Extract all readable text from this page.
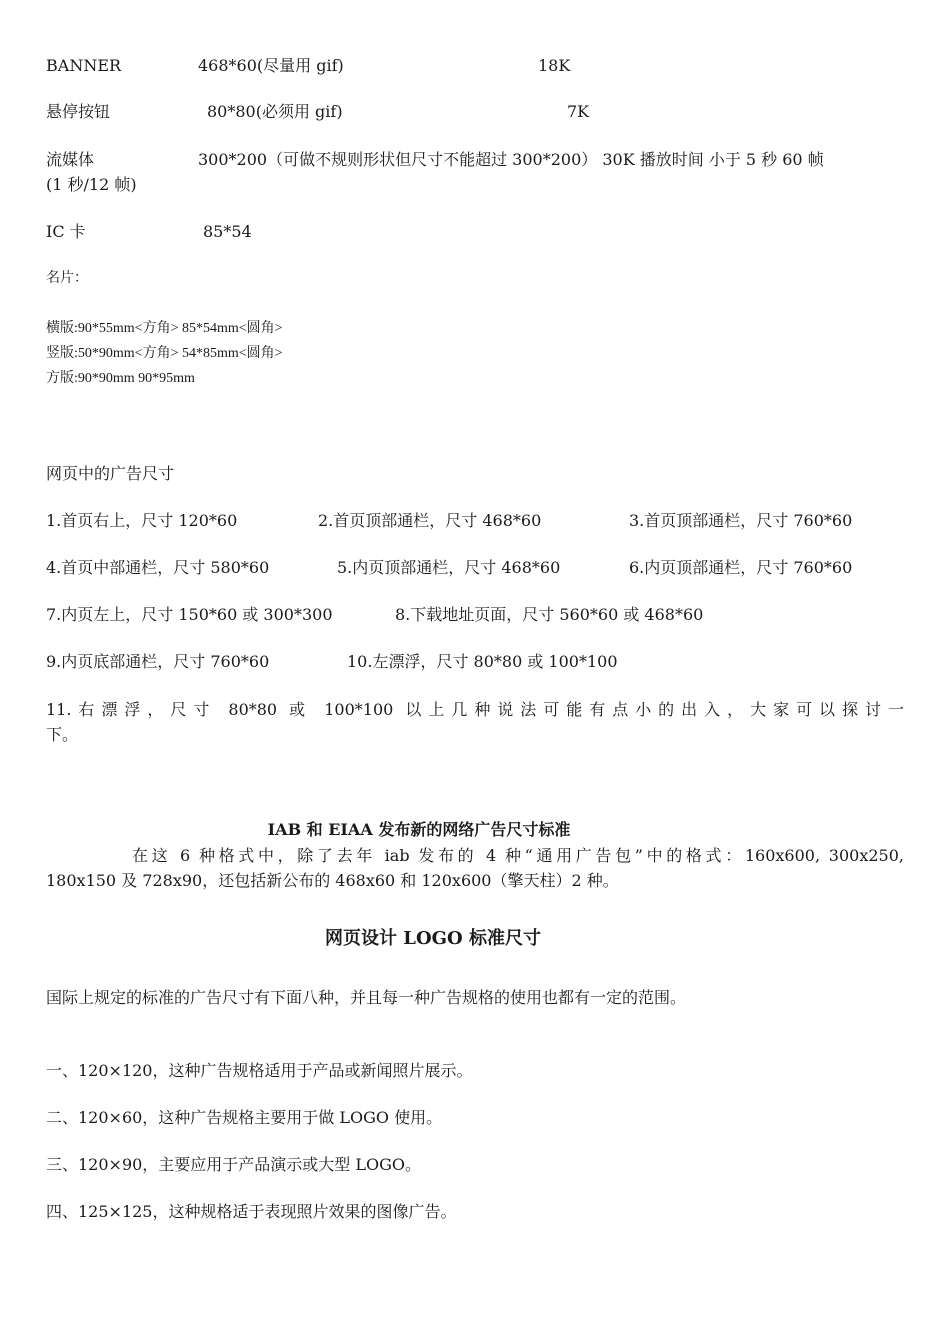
BANNER	468*60(尽量用 gif)	18K
悬停按钮	80*80(必须用 gif)	7K
流媒体	300*200（可做不规则形状但尺寸不能超过 300*200） 30K 播放时间 小于 5 秒 60 帧
(1 秒/12 帧)
IC 卡	85*54
名片：
横版:90*55mm<方角> 85*54mm<圆角>
竖版:50*90mm<方角> 54*85mm<圆角>
方版:90*90mm 90*95mm
网页中的广告尺寸
1.首页右上，尺寸 120*60	2.首页顶部通栏，尺寸 468*60	3.首页顶部通栏，尺寸 760*60
4.首页中部通栏，尺寸 580*60	5.内页顶部通栏，尺寸 468*60	6.内页顶部通栏，尺寸 760*60
7.内页左上，尺寸 150*60 或 300*300	8.下载地址页面，尺寸 560*60 或 468*60
9.内页底部通栏，尺寸 760*60	10.左漂浮，尺寸 80*80 或 100*100
11.右漂浮，尺寸 80*80 或 100*100 以上几种说法可能有点小的出入，大家可以探讨一
下。
IAB 和 EIAA 发布新的网络广告尺寸标准
在这 6 种格式中，除了去年 iab 发布的 4 种“通用广告包”中的格式：160x600, 300x250,
180x150 及 728x90，还包括新公布的 468x60 和 120x600（擎天柱）2 种。
网页设计 LOGO 标准尺寸
国际上规定的标准的广告尺寸有下面八种，并且每一种广告规格的使用也都有一定的范围。
一、120×120，这种广告规格适用于产品或新闻照片展示。
二、120×60，这种广告规格主要用于做 LOGO 使用。
三、120×90，主要应用于产品演示或大型 LOGO。
四、125×125，这种规格适于表现照片效果的图像广告。
